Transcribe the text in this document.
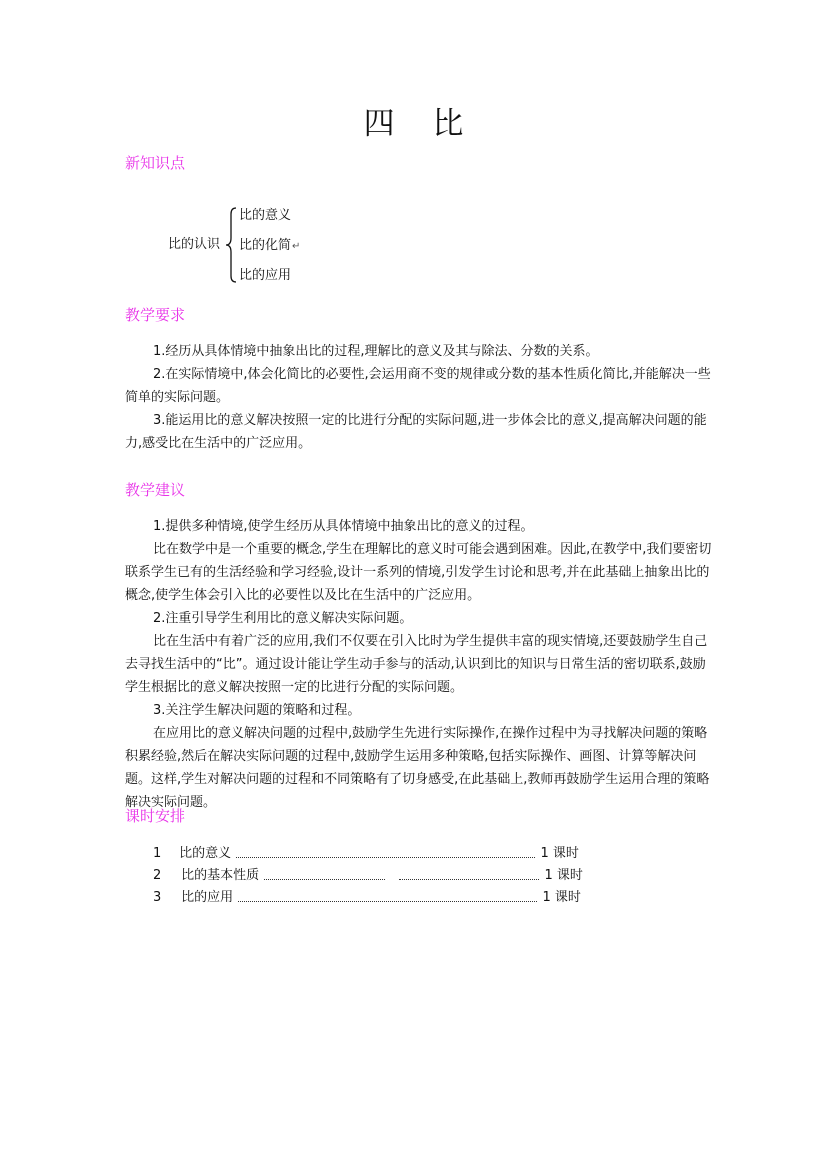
四 比
新知识点
比的认识
比的意义
比的化简↵
比的应用
教学要求

1.经历从具体情境中抽象出比的过程,理解比的意义及其与除法、分数的关系。

2.在实际情境中,体会化简比的必要性,会运用商不变的规律或分数的基本性质化简比,并能解决一些简单的实际问题。

3.能运用比的意义解决按照一定的比进行分配的实际问题,进一步体会比的意义,提高解决问题的能力,感受比在生活中的广泛应用。

教学建议

1.提供多种情境,使学生经历从具体情境中抽象出比的意义的过程。

比在数学中是一个重要的概念,学生在理解比的意义时可能会遇到困难。因此,在教学中,我们要密切联系学生已有的生活经验和学习经验,设计一系列的情境,引发学生讨论和思考,并在此基础上抽象出比的概念,使学生体会引入比的必要性以及比在生活中的广泛应用。

2.注重引导学生利用比的意义解决实际问题。

比在生活中有着广泛的应用,我们不仅要在引入比时为学生提供丰富的现实情境,还要鼓励学生自己去寻找生活中的“比”。通过设计能让学生动手参与的活动,认识到比的知识与日常生活的密切联系,鼓励学生根据比的意义解决按照一定的比进行分配的实际问题。

3.关注学生解决问题的策略和过程。

在应用比的意义解决问题的过程中,鼓励学生先进行实际操作,在操作过程中为寻找解决问题的策略积累经验,然后在解决实际问题的过程中,鼓励学生运用多种策略,包括实际操作、画图、计算等解决问题。这样,学生对解决问题的过程和不同策略有了切身感受,在此基础上,教师再鼓励学生运用合理的策略解决实际问题。

课时安排
1 比的意义	1 课时
2 比的基本性质	1 课时
3 比的应用	1 课时
